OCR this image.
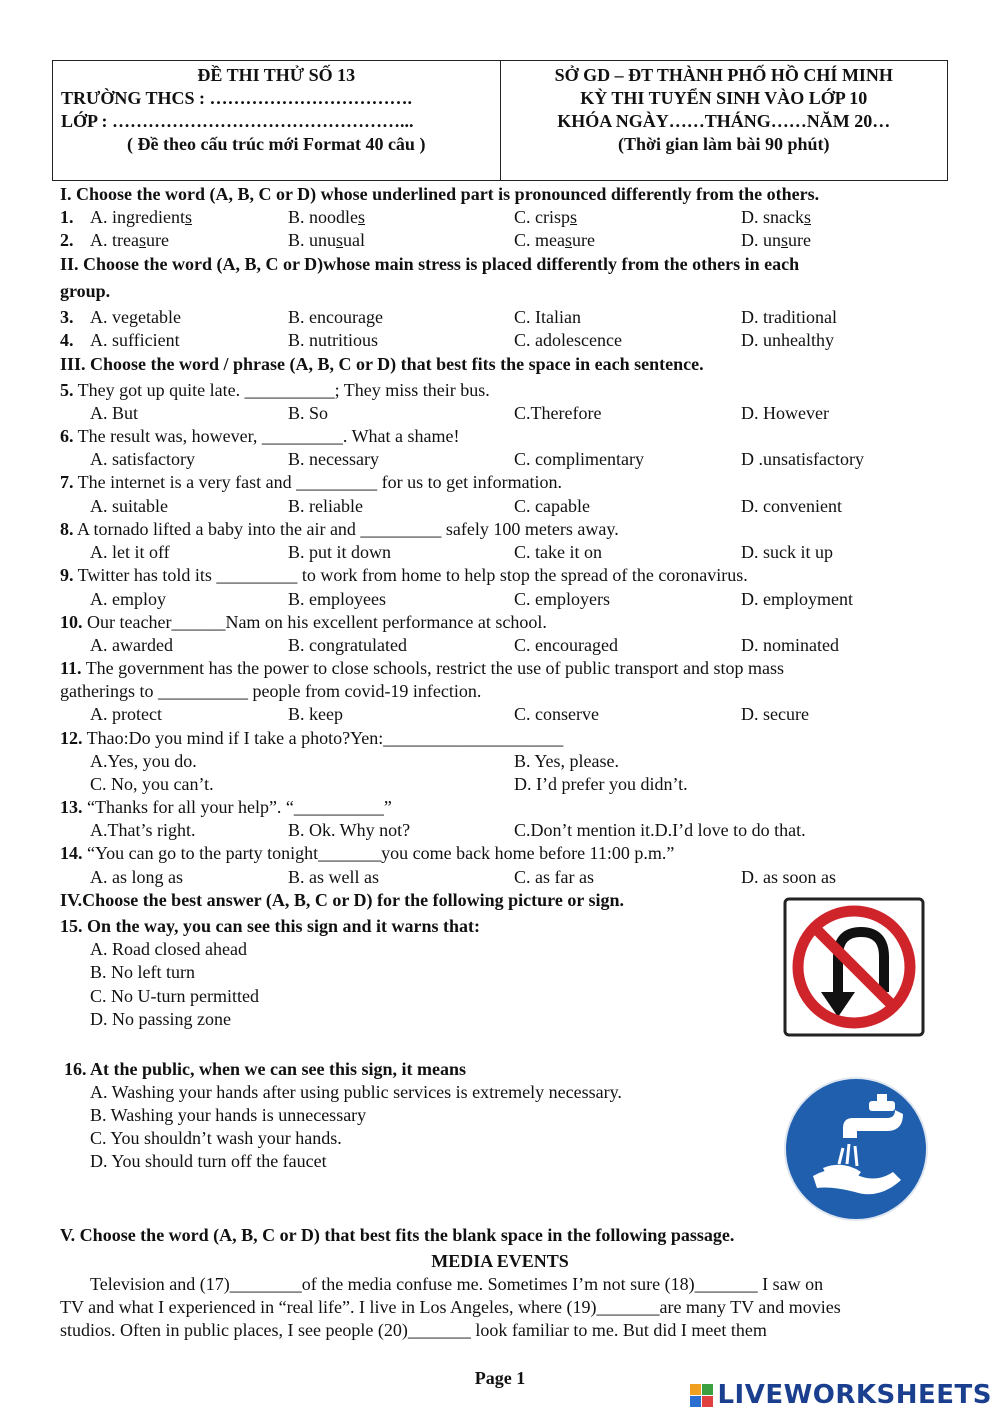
ĐỀ THI THỬ SỐ 13
TRƯỜNG THCS : …………………………….
LỚP : …………………………………………...
( Đề theo cấu trúc mới Format 40 câu )
SỞ GD – ĐT THÀNH PHỐ HỒ CHÍ MINH
KỲ THI TUYỂN SINH VÀO LỚP 10
KHÓA NGÀY……THÁNG……NĂM 20…
(Thời gian làm bài 90 phút)
I. Choose the word (A, B, C or D) whose underlined part is pronounced differently from the others.
1. A. ingredients	B. noodles	C. crisps	D. snacks
2. A. treasure	B. unusual	C. measure	D. unsure
II. Choose the word (A, B, C or D)whose main stress is placed differently from the others in each
group.
3. A. vegetable	B. encourage	C. Italian	D. traditional
4. A. sufficient	B. nutritious	C. adolescence	D. unhealthy
III. Choose the word / phrase (A, B, C or D) that best fits the space in each sentence.
5. They got up quite late. __________; They miss their bus.
A. But	B. So	C.Therefore	D. However
6. The result was, however, _________. What a shame!
A. satisfactory	B. necessary	C. complimentary	D .unsatisfactory
7. The internet is a very fast and _________ for us to get information.
A. suitable	B. reliable	C. capable	D. convenient
8. A tornado lifted a baby into the air and _________ safely 100 meters away.
A. let it off	B. put it down	C. take it on	D. suck it up
9. Twitter has told its _________ to work from home to help stop the spread of the coronavirus.
A. employ	B. employees	C. employers	D. employment
10. Our teacher______Nam on his excellent performance at school.
A. awarded	B. congratulated	C. encouraged	D. nominated
11. The government has the power to close schools, restrict the use of public transport and stop mass
gatherings to __________ people from covid-19 infection.
A. protect	B. keep	C. conserve	D. secure
12. Thao:Do you mind if I take a photo?Yen:____________________
A.Yes, you do.	B. Yes, please.
C. No, you can’t.	D. I’d prefer you didn’t.
13. “Thanks for all your help”. “__________”
A.That’s right.	B. Ok. Why not?	C.Don’t mention it.D.I’d love to do that.
14. “You can go to the party tonight_______you come back home before 11:00 p.m.”
A. as long as	B. as well as	C. as far as	D. as soon as
IV.Choose the best answer (A, B, C or D) for the following picture or sign.
15. On the way, you can see this sign and it warns that:
A. Road closed ahead
B. No left turn
C. No U-turn permitted
D. No passing zone
16. At the public, when we can see this sign, it means
A. Washing your hands after using public services is extremely necessary.
B. Washing your hands is unnecessary
C. You shouldn’t wash your hands.
D. You should turn off the faucet
V. Choose the word (A, B, C or D) that best fits the blank space in the following passage.
MEDIA EVENTS
Television and (17)________of the media confuse me. Sometimes I’m not sure (18)_______ I saw on
TV and what I experienced in “real life”. I live in Los Angeles, where (19)_______are many TV and movies
studios. Often in public places, I see people (20)_______ look familiar to me. But did I meet them
Page 1
LIVEWORKSHEETS
